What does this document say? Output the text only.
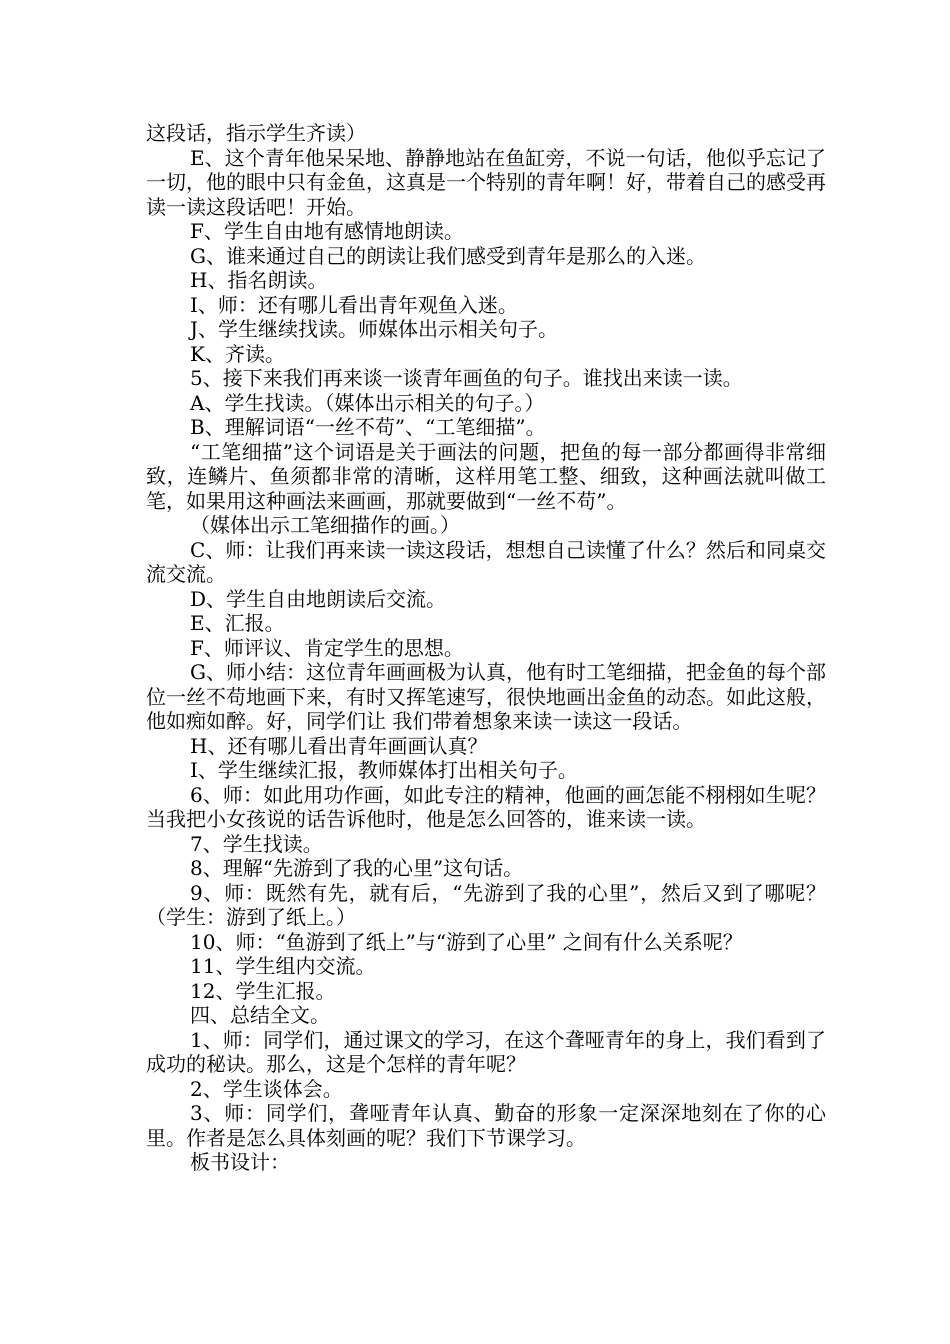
这段话，指示学生齐读）

E、这个青年他呆呆地、静静地站在鱼缸旁，不说一句话，他似乎忘记了一切，他的眼中只有金鱼，这真是一个特别的青年啊！好，带着自己的感受再读一读这段话吧！开始。

F、学生自由地有感情地朗读。

G、谁来通过自己的朗读让我们感受到青年是那么的入迷。

H、指名朗读。

I、师：还有哪儿看出青年观鱼入迷。

J、学生继续找读。师媒体出示相关句子。

K、齐读。

5、接下来我们再来谈一谈青年画鱼的句子。谁找出来读一读。

A、学生找读。（媒体出示相关的句子。）

B、理解词语“一丝不苟”、“工笔细描”。

“工笔细描”这个词语是关于画法的问题，把鱼的每一部分都画得非常细致，连鳞片、鱼须都非常的清晰，这样用笔工整、细致，这种画法就叫做工笔，如果用这种画法来画画，那就要做到“一丝不苟”。

（媒体出示工笔细描作的画。）

C、师：让我们再来读一读这段话，想想自己读懂了什么？然后和同桌交流交流。

D、学生自由地朗读后交流。

E、汇报。

F、师评议、肯定学生的思想。

G、师小结：这位青年画画极为认真，他有时工笔细描，把金鱼的每个部位一丝不苟地画下来，有时又挥笔速写，很快地画出金鱼的动态。如此这般，他如痴如醉。好，同学们让 我们带着想象来读一读这一段话。

H、还有哪儿看出青年画画认真？

I、学生继续汇报，教师媒体打出相关句子。

6、师：如此用功作画，如此专注的精神，他画的画怎能不栩栩如生呢？当我把小女孩说的话告诉他时，他是怎么回答的，谁来读一读。

7、学生找读。

8、理解“先游到了我的心里”这句话。

9、师：既然有先，就有后，“先游到了我的心里”，然后又到了哪呢？（学生：游到了纸上。）

10、师：“鱼游到了纸上”与“游到了心里” 之间有什么关系呢？

11、学生组内交流。

12、学生汇报。

四、总结全文。

1、师：同学们，通过课文的学习，在这个聋哑青年的身上，我们看到了成功的秘诀。那么，这是个怎样的青年呢？

2、学生谈体会。

3、师：同学们，聋哑青年认真、勤奋的形象一定深深地刻在了你的心里。作者是怎么具体刻画的呢？我们下节课学习。

板书设计：
